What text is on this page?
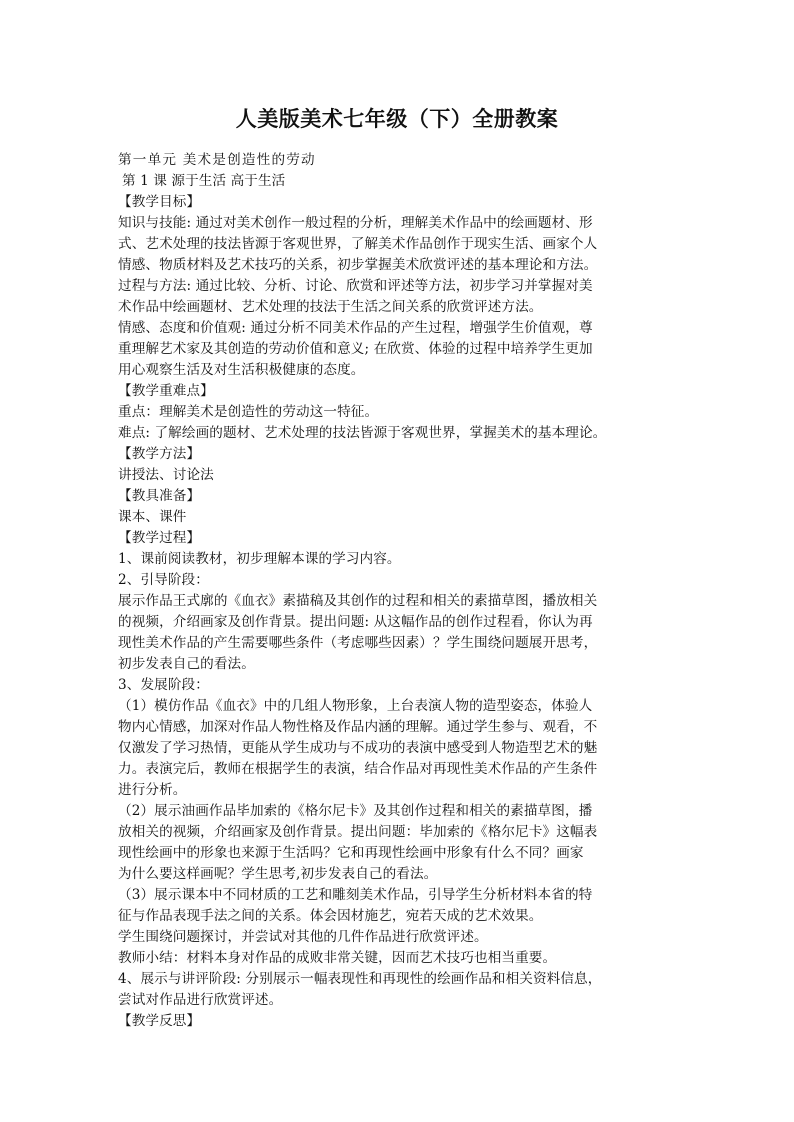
人美版美术七年级（下）全册教案
第一单元 美术是创造性的劳动
第 1 课 源于生活 高于生活
【教学目标】
知识与技能: 通过对美术创作一般过程的分析，理解美术作品中的绘画题材、形
式、艺术处理的技法皆源于客观世界，了解美术作品创作于现实生活、画家个人
情感、物质材料及艺术技巧的关系，初步掌握美术欣赏评述的基本理论和方法。
过程与方法: 通过比较、分析、讨论、欣赏和评述等方法，初步学习并掌握对美
术作品中绘画题材、艺术处理的技法于生活之间关系的欣赏评述方法。
情感、态度和价值观: 通过分析不同美术作品的产生过程，增强学生价值观，尊
重理解艺术家及其创造的劳动价值和意义; 在欣赏、体验的过程中培养学生更加
用心观察生活及对生活积极健康的态度。
【教学重难点】
重点：理解美术是创造性的劳动这一特征。
难点: 了解绘画的题材、艺术处理的技法皆源于客观世界，掌握美术的基本理论。
【教学方法】
讲授法、讨论法
【教具准备】
课本、课件
【教学过程】
1、课前阅读教材，初步理解本课的学习内容。
2、引导阶段：
展示作品王式廓的《血衣》素描稿及其创作的过程和相关的素描草图，播放相关
的视频，介绍画家及创作背景。提出问题: 从这幅作品的创作过程看，你认为再
现性美术作品的产生需要哪些条件（考虑哪些因素）？学生围绕问题展开思考，
初步发表自己的看法。
3、发展阶段：
（1）模仿作品《血衣》中的几组人物形象，上台表演人物的造型姿态，体验人
物内心情感，加深对作品人物性格及作品内涵的理解。通过学生参与、观看，不
仅激发了学习热情，更能从学生成功与不成功的表演中感受到人物造型艺术的魅
力。表演完后，教师在根据学生的表演，结合作品对再现性美术作品的产生条件
进行分析。
（2）展示油画作品毕加索的《格尔尼卡》及其创作过程和相关的素描草图，播
放相关的视频，介绍画家及创作背景。提出问题：毕加索的《格尔尼卡》这幅表
现性绘画中的形象也来源于生活吗？它和再现性绘画中形象有什么不同？画家
为什么要这样画呢？学生思考,初步发表自己的看法。
（3）展示课本中不同材质的工艺和雕刻美术作品，引导学生分析材料本省的特
征与作品表现手法之间的关系。体会因材施艺，宛若天成的艺术效果。
学生围绕问题探讨，并尝试对其他的几件作品进行欣赏评述。
教师小结：材料本身对作品的成败非常关键，因而艺术技巧也相当重要。
4、展示与讲评阶段: 分别展示一幅表现性和再现性的绘画作品和相关资料信息，
尝试对作品进行欣赏评述。
【教学反思】
